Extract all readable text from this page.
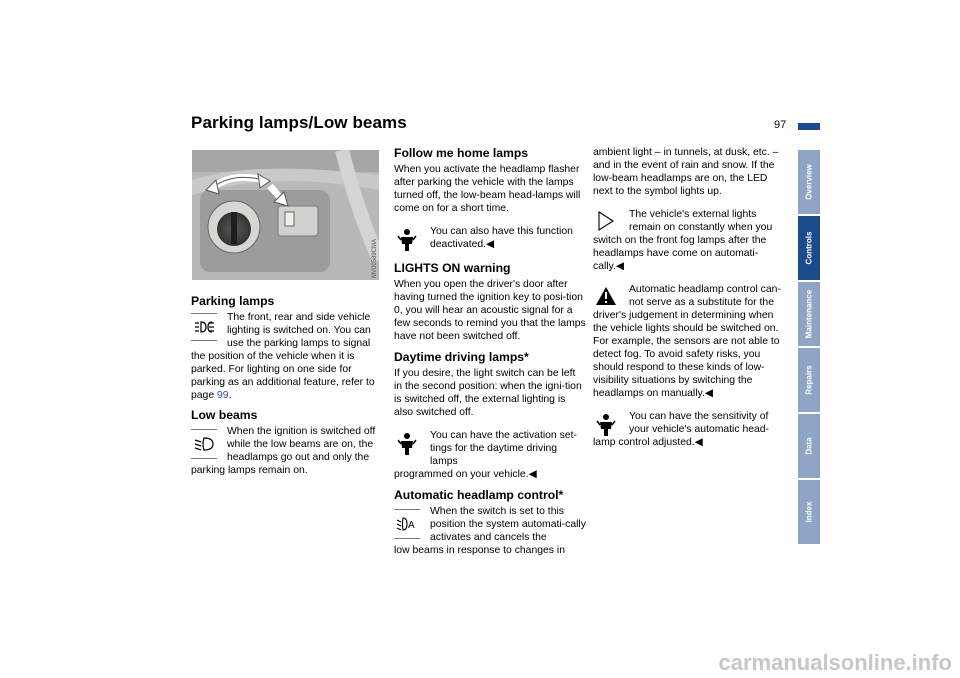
Parking lamps/Low beams	97
MV00589CMA
Parking lamps

The front, rear and side vehicle lighting is switched on. You can use the parking lamps to signal

the position of the vehicle when it is parked. For lighting on one side for parking as an additional feature, refer to page 99.

Low beams

When the ignition is switched off while the low beams are on, the headlamps go out and only the

parking lamps remain on.

Follow me home lamps

When you activate the headlamp flasher after parking the vehicle with the lamps turned off, the low-beam head-lamps will come on for a short time.

You can also have this function deactivated.◀

LIGHTS ON warning

When you open the driver's door after having turned the ignition key to posi-tion 0, you will hear an acoustic signal for a few seconds to remind you that the lamps have not been switched off.

Daytime driving lamps*

If you desire, the light switch can be left in the second position: when the igni-tion is switched off, the external lighting is also switched off.

You can have the activation set-tings for the daytime driving lamps

programmed on your vehicle.◀

Automatic headlamp control*
A

When the switch is set to this position the system automati-cally activates and cancels the

low beams in response to changes in

ambient light – in tunnels, at dusk, etc. – and in the event of rain and snow. If the low-beam headlamps are on, the LED next to the symbol lights up.

The vehicle's external lights remain on constantly when you

switch on the front fog lamps after the headlamps have come on automati-cally.◀

Automatic headlamp control can-not serve as a substitute for the

driver's judgement in determining when the vehicle lights should be switched on. For example, the sensors are not able to detect fog. To avoid safety risks, you should respond to these kinds of low-visibility situations by switching the headlamps on manually.◀

You can have the sensitivity of your vehicle's automatic head-

lamp control adjusted.◀

Overview
Controls
Maintenance
Repairs
Data
Index
carmanualsonline.info
